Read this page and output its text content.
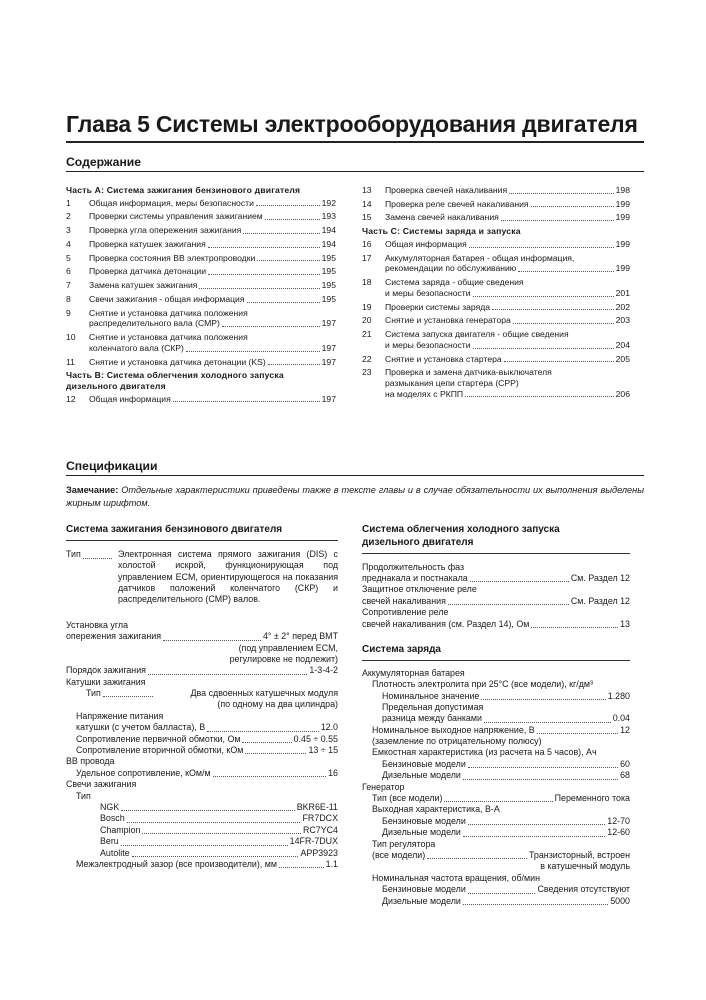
Глава 5 Системы электрооборудования двигателя
Содержание
Часть A: Система зажигания бензинового двигателя
1	Общая информация, меры безопасности	192
2	Проверки системы управления зажиганием	193
3	Проверка угла опережения зажигания	194
4	Проверка катушек зажигания	194
5	Проверка состояния ВВ электропроводки	195
6	Проверка датчика детонации	195
7	Замена катушек зажигания	195
8	Свечи зажигания - общая информация	195
9	Снятие и установка датчика положения
распределительного вала (СМР)	197
10	Снятие и установка датчика положения
коленчатого вала (СКР)	197
11	Снятие и установка датчика детонации (KS)	197
Часть B: Система облегчения холодного запуска
дизельного двигателя
12	Общая информация	197
13	Проверка свечей накаливания	198
14	Проверка реле свечей накаливания	199
15	Замена свечей накаливания	199
Часть C: Системы заряда и запуска
16	Общая информация	199
17	Аккумуляторная батарея - общая информация,
рекомендации по обслуживанию	199
18	Система заряда - общие сведения
и меры безопасности	201
19	Проверки системы заряда	202
20	Снятие и установка генератора	203
21	Система запуска двигателя - общие сведения
и меры безопасности	204
22	Снятие и установка стартера	205
23	Проверка и замена датчика-выключателя
размыкания цепи стартера (СРР)
на моделях с РКПП	206
Спецификации
Замечание: Отдельные характеристики приведены также в тексте главы и в случае обязательности их выполнения выделены жирным шрифтом.
Система зажигания бензинового двигателя
Тип	Электронная система прямого зажигания (DIS) с холостой искрой, функционирующая под управлением ECM, ориентирующегося на показания датчиков положений коленчатого (СКР) и распределительного (СМР) валов.
Установка угла
опережения зажигания	4° ± 2° перед ВМТ
(под управлением ECM,
регулировке не подлежит)
Порядок зажигания	1-3-4-2
Катушки зажигания
Тип	Два сдвоенных катушечных модуля
(по одному на два цилиндра)
Напряжение питания
катушки (с учетом балласта), В	12.0
Сопротивление первичной обмотки, Ом	0.45 ÷ 0.55
Сопротивление вторичной обмотки, кОм	13 ÷ 15
ВВ провода
Удельное сопротивление, кОм/м	16
Свечи зажигания
Тип
NGK	BKR6E-11
Bosch	FR7DCX
Champion	RC7YC4
Beru	14FR-7DUX
Autolite	APP3923
Межэлектродный зазор (все производители), мм	1.1
Система облегчения холодного запуска
дизельного двигателя
Продолжительность фаз
преднакала и постнакала	См. Раздел 12
Защитное отключение реле
свечей накаливания	См. Раздел 12
Сопротивление реле
свечей накаливания (см. Раздел 14), Ом	13
Система заряда
Аккумуляторная батарея
Плотность электролита при 25°С (все модели), кг/дм³
Номинальное значение	1.280
Предельная допустимая
разница между банками	0.04
Номинальное выходное напряжение, В	12
(заземление по отрицательному полюсу)
Емкостная характеристика (из расчета на 5 часов), Ач
Бензиновые модели	60
Дизельные модели	68
Генератор
Тип (все модели)	Переменного тока
Выходная характеристика, В-А
Бензиновые модели	12-70
Дизельные модели	12-60
Тип регулятора
(все модели)	Транзисторный, встроен
в катушечный модуль
Номинальная частота вращения, об/мин
Бензиновые модели	Сведения отсутствуют
Дизельные модели	5000
